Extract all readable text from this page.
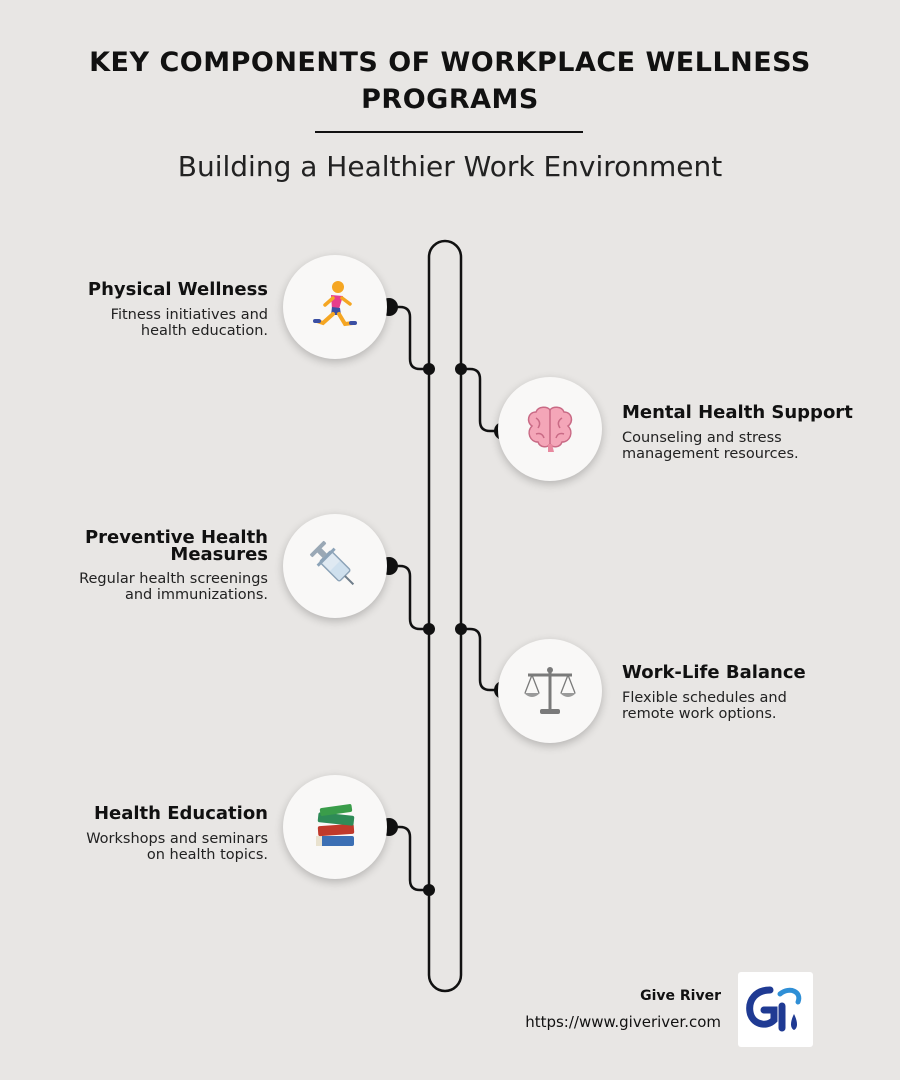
KEY COMPONENTS OF WORKPLACE WELLNESS PROGRAMS
Building a Healthier Work Environment
Physical Wellness
Fitness initiatives and
health education.
Mental Health Support
Counseling and stress
management resources.
Preventive Health
Measures
Regular health screenings
and immunizations.
Work-Life Balance
Flexible schedules and
remote work options.
Health Education
Workshops and seminars
on health topics.
Give River
https://www.giveriver.com
